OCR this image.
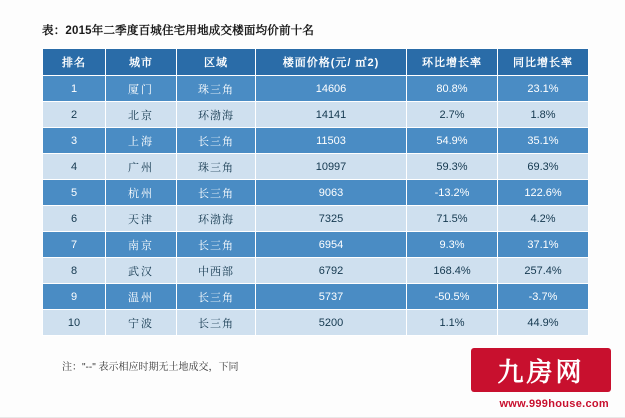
表：2015年二季度百城住宅用地成交楼面均价前十名
排名	城市	区域	楼面价格(元/ ㎡2)	环比增长率	同比增长率
1	厦门	珠三角	14606	80.8%	23.1%
2	北京	环渤海	14141	2.7%	1.8%
3	上海	长三角	11503	54.9%	35.1%
4	广州	珠三角	10997	59.3%	69.3%
5	杭州	长三角	9063	-13.2%	122.6%
6	天津	环渤海	7325	71.5%	4.2%
7	南京	长三角	6954	9.3%	37.1%
8	武汉	中西部	6792	168.4%	257.4%
9	温州	长三角	5737	-50.5%	-3.7%
10	宁波	长三角	5200	1.1%	44.9%
注："--" 表示相应时期无土地成交，下同	九房网
www.999house.com
